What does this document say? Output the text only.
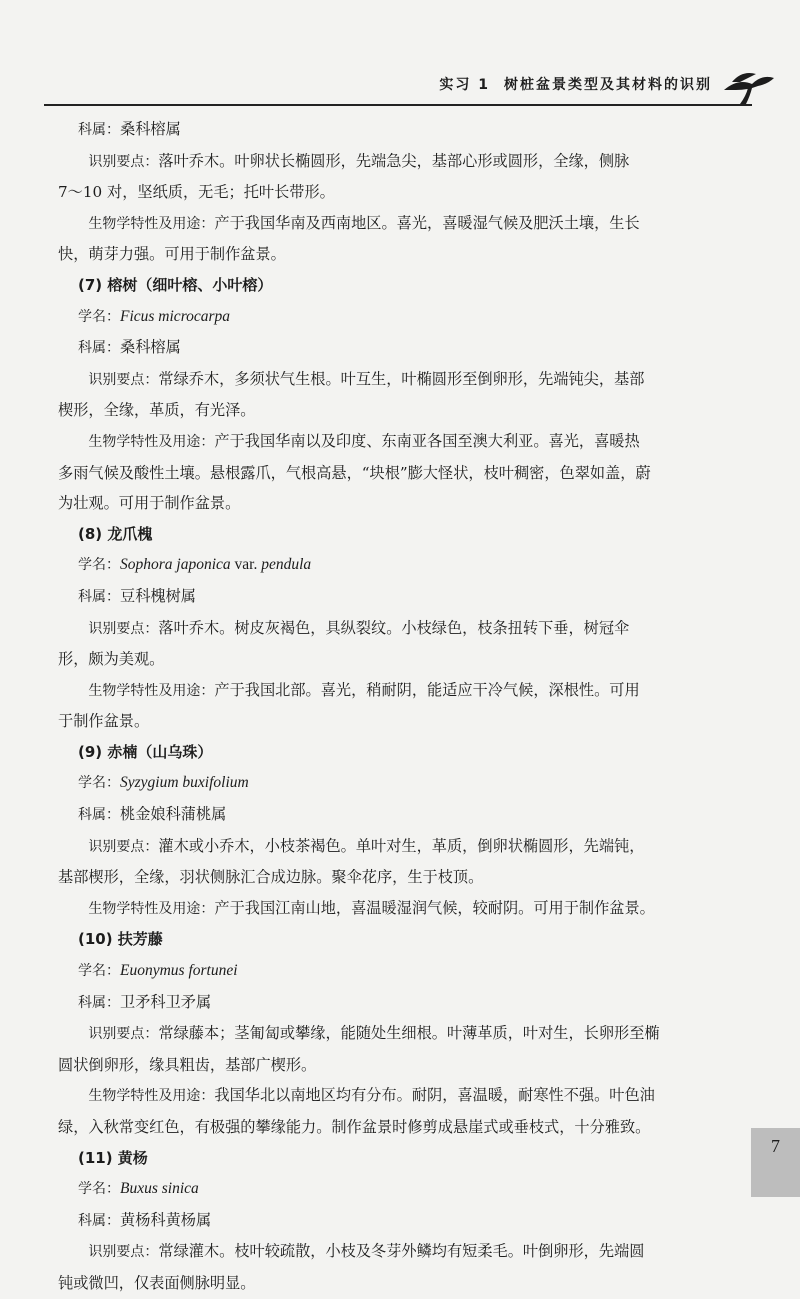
实习 1 树桩盆景类型及其材料的识别
科属：桑科榕属
识别要点：落叶乔木。叶卵状长椭圆形，先端急尖，基部心形或圆形，全缘，侧脉
7～10 对，坚纸质，无毛；托叶长带形。
生物学特性及用途：产于我国华南及西南地区。喜光，喜暖湿气候及肥沃土壤，生长
快，萌芽力强。可用于制作盆景。
(7) 榕树（细叶榕、小叶榕）
学名：Ficus microcarpa
科属：桑科榕属
识别要点：常绿乔木，多须状气生根。叶互生，叶椭圆形至倒卵形，先端钝尖，基部
楔形，全缘，革质，有光泽。
生物学特性及用途：产于我国华南以及印度、东南亚各国至澳大利亚。喜光，喜暖热
多雨气候及酸性土壤。悬根露爪，气根高悬，“块根”膨大怪状，枝叶稠密，色翠如盖，蔚
为壮观。可用于制作盆景。
(8) 龙爪槐
学名：Sophora japonica var. pendula
科属：豆科槐树属
识别要点：落叶乔木。树皮灰褐色，具纵裂纹。小枝绿色，枝条扭转下垂，树冠伞
形，颇为美观。
生物学特性及用途：产于我国北部。喜光，稍耐阴，能适应干冷气候，深根性。可用
于制作盆景。
(9) 赤楠（山乌珠）
学名：Syzygium buxifolium
科属：桃金娘科蒲桃属
识别要点：灌木或小乔木，小枝茶褐色。单叶对生，革质，倒卵状椭圆形，先端钝，
基部楔形，全缘，羽状侧脉汇合成边脉。聚伞花序，生于枝顶。
生物学特性及用途：产于我国江南山地，喜温暖湿润气候，较耐阴。可用于制作盆景。
(10) 扶芳藤
学名：Euonymus fortunei
科属：卫矛科卫矛属
识别要点：常绿藤本；茎匍匐或攀缘，能随处生细根。叶薄革质，叶对生，长卵形至椭
圆状倒卵形，缘具粗齿，基部广楔形。
生物学特性及用途：我国华北以南地区均有分布。耐阴，喜温暖，耐寒性不强。叶色油
绿，入秋常变红色，有极强的攀缘能力。制作盆景时修剪成悬崖式或垂枝式，十分雅致。
(11) 黄杨
学名：Buxus sinica
科属：黄杨科黄杨属
识别要点：常绿灌木。枝叶较疏散，小枝及冬芽外鳞均有短柔毛。叶倒卵形，先端圆
钝或微凹，仅表面侧脉明显。
7
